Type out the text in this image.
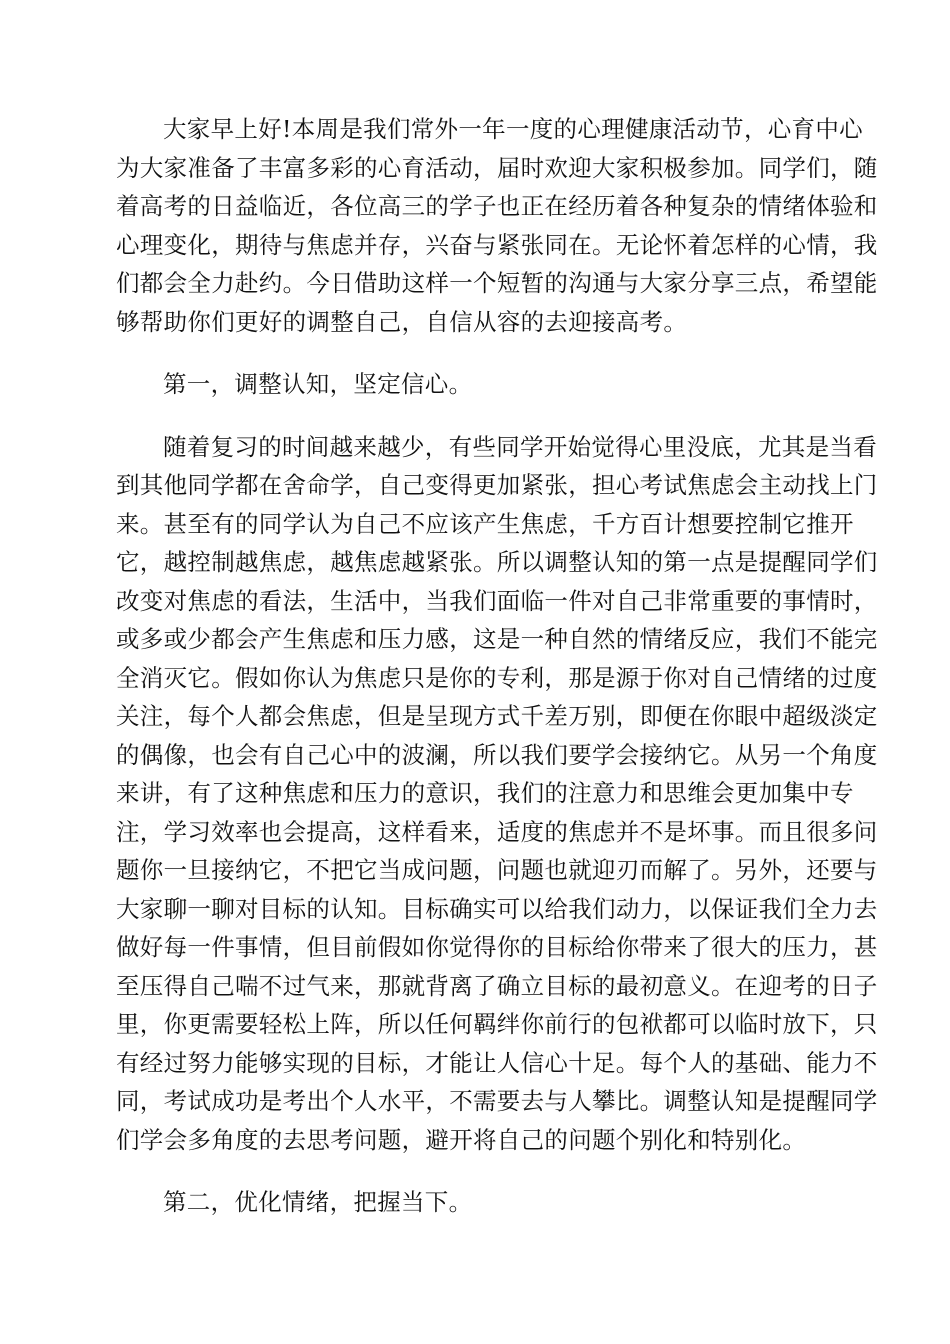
大家早上好!本周是我们常外一年一度的心理健康活动节，心育中心
为大家准备了丰富多彩的心育活动，届时欢迎大家积极参加。同学们，随
着高考的日益临近，各位高三的学子也正在经历着各种复杂的情绪体验和
心理变化，期待与焦虑并存，兴奋与紧张同在。无论怀着怎样的心情，我
们都会全力赴约。今日借助这样一个短暂的沟通与大家分享三点，希望能
够帮助你们更好的调整自己，自信从容的去迎接高考。
第一，调整认知，坚定信心。
随着复习的时间越来越少，有些同学开始觉得心里没底，尤其是当看
到其他同学都在舍命学，自己变得更加紧张，担心考试焦虑会主动找上门
来。甚至有的同学认为自己不应该产生焦虑，千方百计想要控制它推开
它，越控制越焦虑，越焦虑越紧张。所以调整认知的第一点是提醒同学们
改变对焦虑的看法，生活中，当我们面临一件对自己非常重要的事情时，
或多或少都会产生焦虑和压力感，这是一种自然的情绪反应，我们不能完
全消灭它。假如你认为焦虑只是你的专利，那是源于你对自己情绪的过度
关注，每个人都会焦虑，但是呈现方式千差万别，即便在你眼中超级淡定
的偶像，也会有自己心中的波澜，所以我们要学会接纳它。从另一个角度
来讲，有了这种焦虑和压力的意识，我们的注意力和思维会更加集中专
注，学习效率也会提高，这样看来，适度的焦虑并不是坏事。而且很多问
题你一旦接纳它，不把它当成问题，问题也就迎刃而解了。另外，还要与
大家聊一聊对目标的认知。目标确实可以给我们动力，以保证我们全力去
做好每一件事情，但目前假如你觉得你的目标给你带来了很大的压力，甚
至压得自己喘不过气来，那就背离了确立目标的最初意义。在迎考的日子
里，你更需要轻松上阵，所以任何羁绊你前行的包袱都可以临时放下，只
有经过努力能够实现的目标，才能让人信心十足。每个人的基础、能力不
同，考试成功是考出个人水平，不需要去与人攀比。调整认知是提醒同学
们学会多角度的去思考问题，避开将自己的问题个别化和特别化。
第二，优化情绪，把握当下。
